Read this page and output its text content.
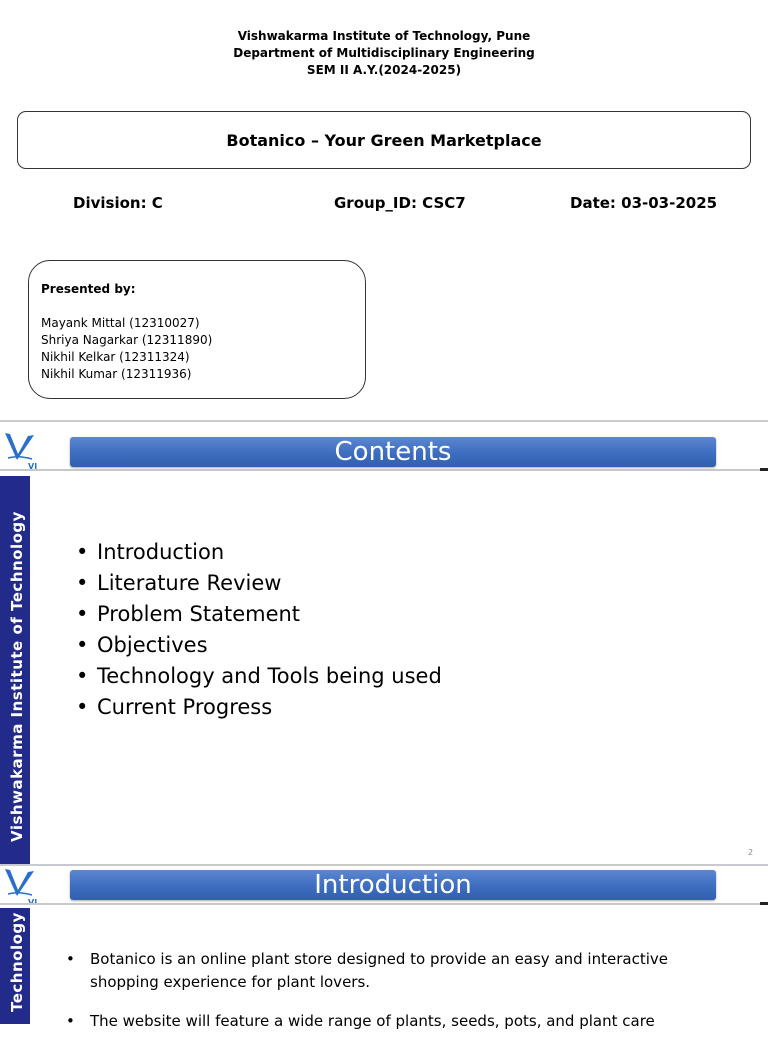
Vishwakarma Institute of Technology, Pune
Department of Multidisciplinary Engineering
SEM II A.Y.(2024-2025)
Botanico – Your Green Marketplace
Division: C	Group_ID: CSC7	Date: 03-03-2025
Presented by:
Mayank Mittal (12310027)
Shriya Nagarkar (12311890)
Nikhil Kelkar (12311324)
Nikhil Kumar (12311936)
VI	Contents
Vishwakarma Institute of Technology • Introduction
• Literature Review
• Problem Statement
• Objectives
• Technology and Tools being used
• Current Progress
2
VI
Introduction
Technology	• Botanico is an online plant store designed to provide an easy and interactive shopping experience for plant lovers.
• The website will feature a wide range of plants, seeds, pots, and plant care
